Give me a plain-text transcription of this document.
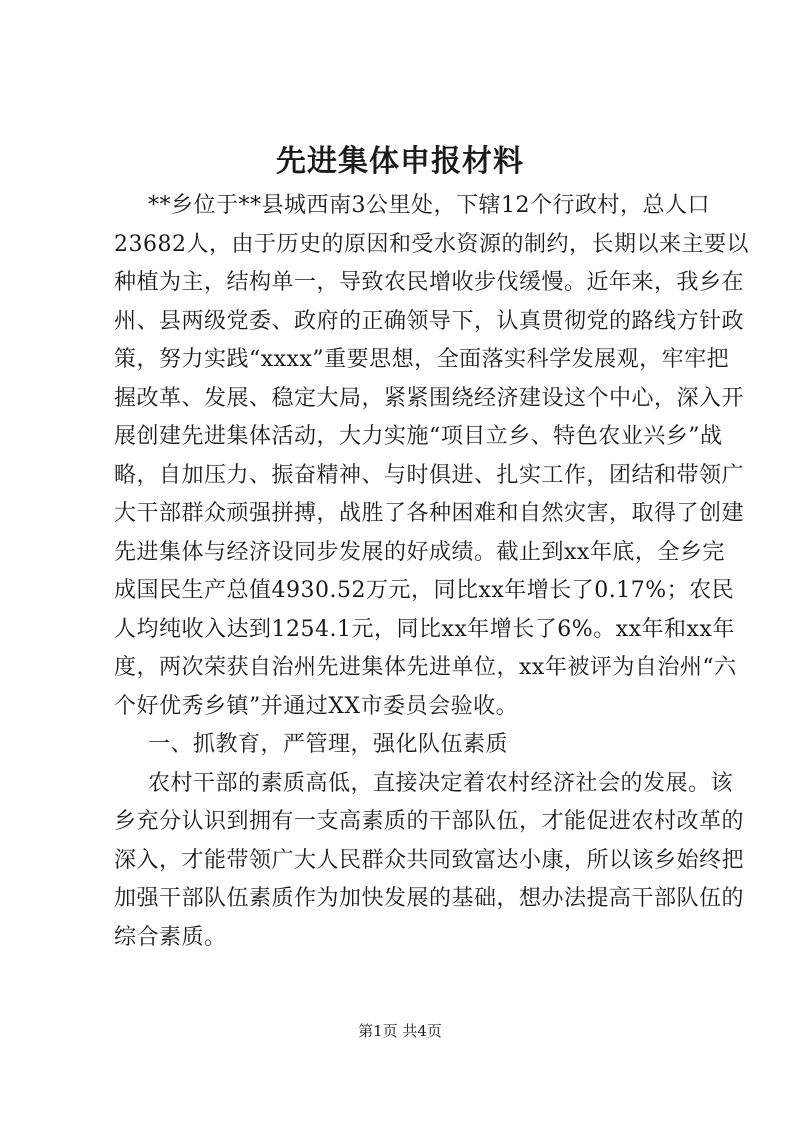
先进集体申报材料
**乡位于**县城西南3公里处，下辖12个行政村，总人口
23682人，由于历史的原因和受水资源的制约，长期以来主要以
种植为主，结构单一，导致农民增收步伐缓慢。近年来，我乡在
州、县两级党委、政府的正确领导下，认真贯彻党的路线方针政
策，努力实践“xxxx”重要思想，全面落实科学发展观，牢牢把
握改革、发展、稳定大局，紧紧围绕经济建设这个中心，深入开
展创建先进集体活动，大力实施“项目立乡、特色农业兴乡”战
略，自加压力、振奋精神、与时俱进、扎实工作，团结和带领广
大干部群众顽强拼搏，战胜了各种困难和自然灾害，取得了创建
先进集体与经济设同步发展的好成绩。截止到xx年底，全乡完
成国民生产总值4930.52万元，同比xx年增长了0.17%；农民
人均纯收入达到1254.1元，同比xx年增长了6%。xx年和xx年
度，两次荣获自治州先进集体先进单位，xx年被评为自治州“六
个好优秀乡镇”并通过XX市委员会验收。
一、抓教育，严管理，强化队伍素质
农村干部的素质高低，直接决定着农村经济社会的发展。该
乡充分认识到拥有一支高素质的干部队伍，才能促进农村改革的
深入，才能带领广大人民群众共同致富达小康，所以该乡始终把
加强干部队伍素质作为加快发展的基础，想办法提高干部队伍的
综合素质。
第1页 共4页
